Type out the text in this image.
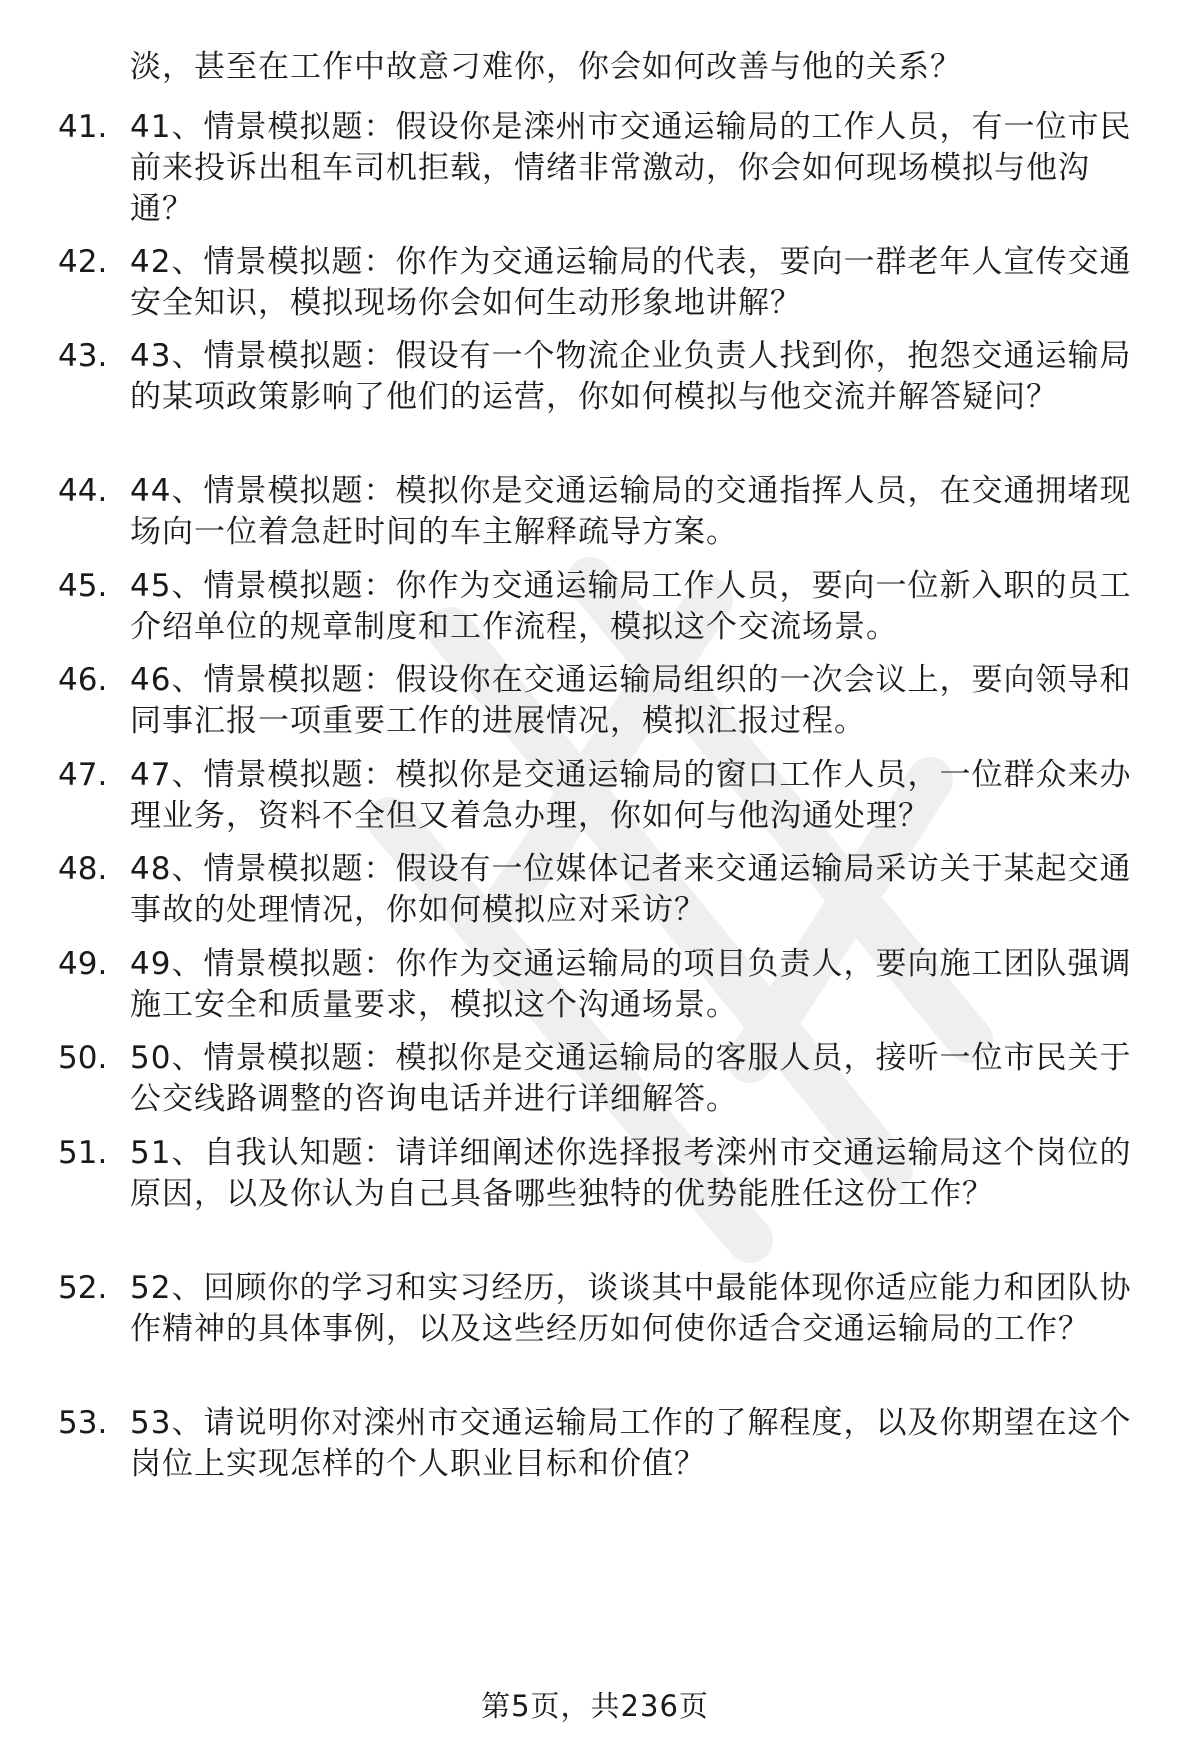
淡，甚至在工作中故意刁难你，你会如何改善与他的关系？
41. 41、情景模拟题：假设你是滦州市交通运输局的工作人员，有一位市民前来投诉出租车司机拒载，情绪非常激动，你会如何现场模拟与他沟通？
42. 42、情景模拟题：你作为交通运输局的代表，要向一群老年人宣传交通安全知识，模拟现场你会如何生动形象地讲解？
43. 43、情景模拟题：假设有一个物流企业负责人找到你，抱怨交通运输局的某项政策影响了他们的运营，你如何模拟与他交流并解答疑问？
44. 44、情景模拟题：模拟你是交通运输局的交通指挥人员，在交通拥堵现场向一位着急赶时间的车主解释疏导方案。
45. 45、情景模拟题：你作为交通运输局工作人员，要向一位新入职的员工介绍单位的规章制度和工作流程，模拟这个交流场景。
46. 46、情景模拟题：假设你在交通运输局组织的一次会议上，要向领导和同事汇报一项重要工作的进展情况，模拟汇报过程。
47. 47、情景模拟题：模拟你是交通运输局的窗口工作人员，一位群众来办理业务，资料不全但又着急办理，你如何与他沟通处理？
48. 48、情景模拟题：假设有一位媒体记者来交通运输局采访关于某起交通事故的处理情况，你如何模拟应对采访？
49. 49、情景模拟题：你作为交通运输局的项目负责人，要向施工团队强调施工安全和质量要求，模拟这个沟通场景。
50. 50、情景模拟题：模拟你是交通运输局的客服人员，接听一位市民关于公交线路调整的咨询电话并进行详细解答。
51. 51、自我认知题：请详细阐述你选择报考滦州市交通运输局这个岗位的原因，以及你认为自己具备哪些独特的优势能胜任这份工作？
52. 52、回顾你的学习和实习经历，谈谈其中最能体现你适应能力和团队协作精神的具体事例，以及这些经历如何使你适合交通运输局的工作？
53. 53、请说明你对滦州市交通运输局工作的了解程度，以及你期望在这个岗位上实现怎样的个人职业目标和价值？
第5页，共236页
